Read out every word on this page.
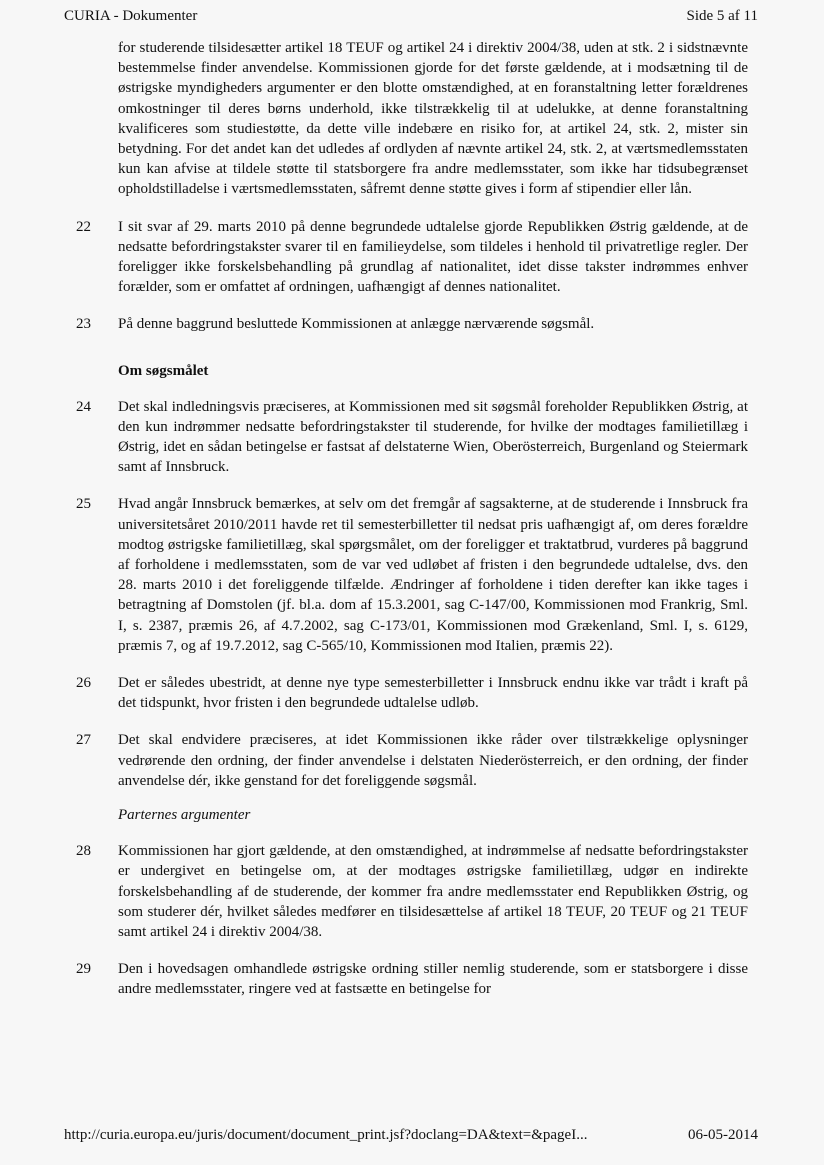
CURIA - Dokumenter	Side 5 af 11

for studerende tilsidesætter artikel 18 TEUF og artikel 24 i direktiv 2004/38, uden at stk. 2 i sidstnævnte bestemmelse finder anvendelse. Kommissionen gjorde for det første gældende, at i modsætning til de østrigske myndigheders argumenter er den blotte omstændighed, at en foranstaltning letter forældrenes omkostninger til deres børns underhold, ikke tilstrækkelig til at udelukke, at denne foranstaltning kvalificeres som studiestøtte, da dette ville indebære en risiko for, at artikel 24, stk. 2, mister sin betydning. For det andet kan det udledes af ordlyden af nævnte artikel 24, stk. 2, at værtsmedlemsstaten kun kan afvise at tildele støtte til statsborgere fra andre medlemsstater, som ikke har tidsubegrænset opholdstilladelse i værtsmedlemsstaten, såfremt denne støtte gives i form af stipendier eller lån.

22 I sit svar af 29. marts 2010 på denne begrundede udtalelse gjorde Republikken Østrig gældende, at de nedsatte befordringstakster svarer til en familieydelse, som tildeles i henhold til privatretlige regler. Der foreligger ikke forskelsbehandling på grundlag af nationalitet, idet disse takster indrømmes enhver forælder, som er omfattet af ordningen, uafhængigt af dennes nationalitet.
23 På denne baggrund besluttede Kommissionen at anlægge nærværende søgsmål.
Om søgsmålet
24 Det skal indledningsvis præciseres, at Kommissionen med sit søgsmål foreholder Republikken Østrig, at den kun indrømmer nedsatte befordringstakster til studerende, for hvilke der modtages familietillæg i Østrig, idet en sådan betingelse er fastsat af delstaterne Wien, Oberösterreich, Burgenland og Steiermark samt af Innsbruck.
25 Hvad angår Innsbruck bemærkes, at selv om det fremgår af sagsakterne, at de studerende i Innsbruck fra universitetsåret 2010/2011 havde ret til semesterbilletter til nedsat pris uafhængigt af, om deres forældre modtog østrigske familietillæg, skal spørgsmålet, om der foreligger et traktatbrud, vurderes på baggrund af forholdene i medlemsstaten, som de var ved udløbet af fristen i den begrundede udtalelse, dvs. den 28. marts 2010 i det foreliggende tilfælde. Ændringer af forholdene i tiden derefter kan ikke tages i betragtning af Domstolen (jf. bl.a. dom af 15.3.2001, sag C-147/00, Kommissionen mod Frankrig, Sml. I, s. 2387, præmis 26, af 4.7.2002, sag C-173/01, Kommissionen mod Grækenland, Sml. I, s. 6129, præmis 7, og af 19.7.2012, sag C-565/10, Kommissionen mod Italien, præmis 22).
26 Det er således ubestridt, at denne nye type semesterbilletter i Innsbruck endnu ikke var trådt i kraft på det tidspunkt, hvor fristen i den begrundede udtalelse udløb.
27 Det skal endvidere præciseres, at idet Kommissionen ikke råder over tilstrækkelige oplysninger vedrørende den ordning, der finder anvendelse i delstaten Niederösterreich, er den ordning, der finder anvendelse dér, ikke genstand for det foreliggende søgsmål.
Parternes argumenter
28 Kommissionen har gjort gældende, at den omstændighed, at indrømmelse af nedsatte befordringstakster er undergivet en betingelse om, at der modtages østrigske familietillæg, udgør en indirekte forskelsbehandling af de studerende, der kommer fra andre medlemsstater end Republikken Østrig, og som studerer dér, hvilket således medfører en tilsidesættelse af artikel 18 TEUF, 20 TEUF og 21 TEUF samt artikel 24 i direktiv 2004/38.
29 Den i hovedsagen omhandlede østrigske ordning stiller nemlig studerende, som er statsborgere i disse andre medlemsstater, ringere ved at fastsætte en betingelse for
http://curia.europa.eu/juris/document/document_print.jsf?doclang=DA&text=&pageI...	06-05-2014
